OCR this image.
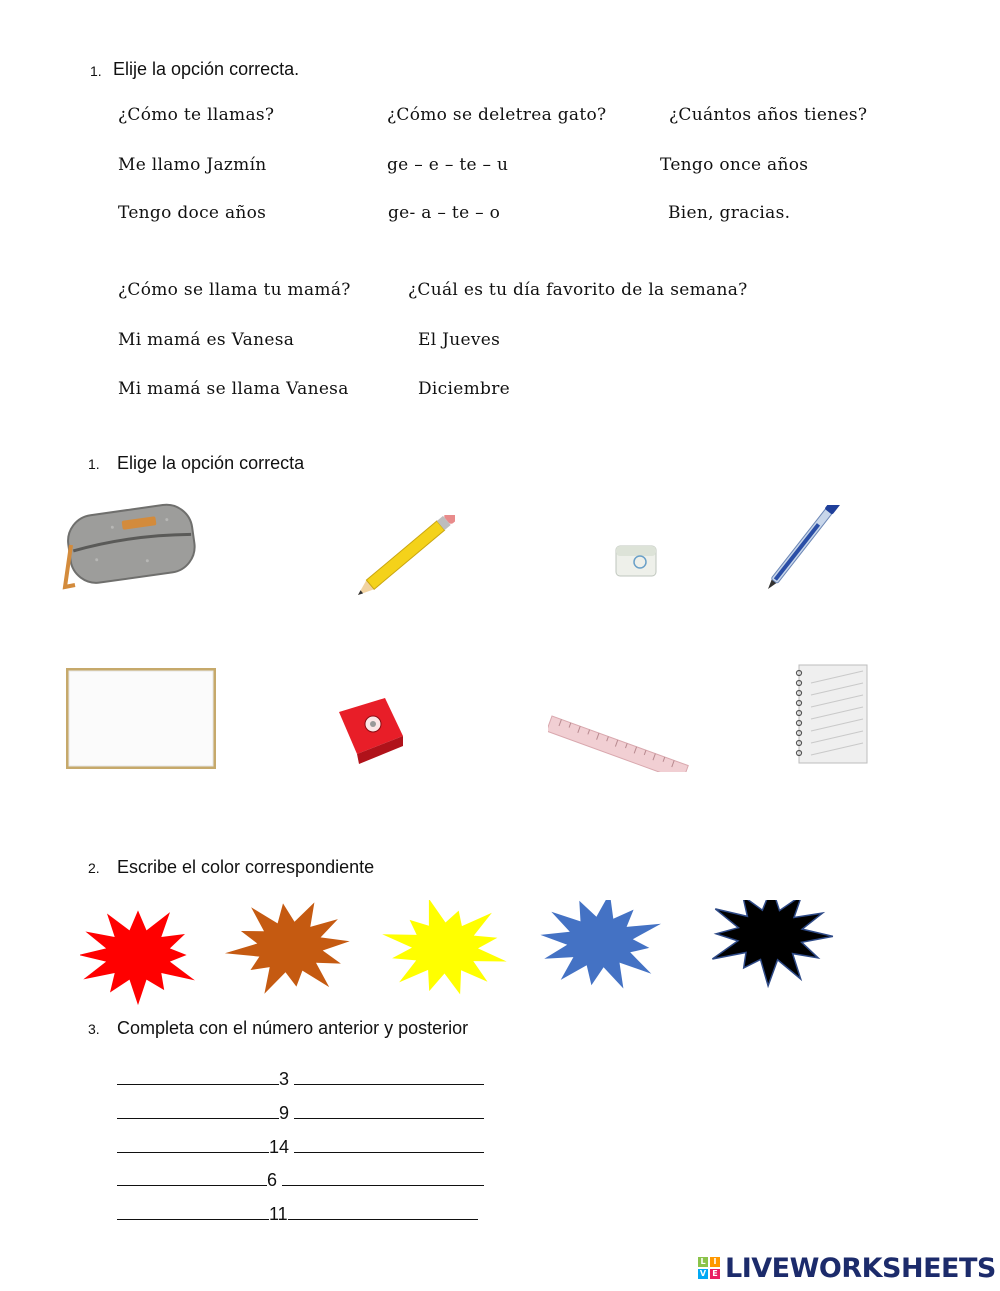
1. Elije la opción correcta.
¿Cómo te llamas?
Me llamo Jazmín
Tengo doce años
¿Cómo se deletrea gato?
ge – e – te – u
ge- a – te – o
¿Cuántos años tienes?
Tengo once años
Bien, gracias.
¿Cómo se llama tu mamá?
Mi mamá es Vanesa
Mi mamá se llama Vanesa
¿Cuál es tu día favorito de la semana?
El Jueves
Diciembre
1. Elige la opción correcta
2. Escribe el color correspondiente
3. Completa con el número anterior y posterior
3
9
14
6
11
L I
V E LIVEWORKSHEETS
